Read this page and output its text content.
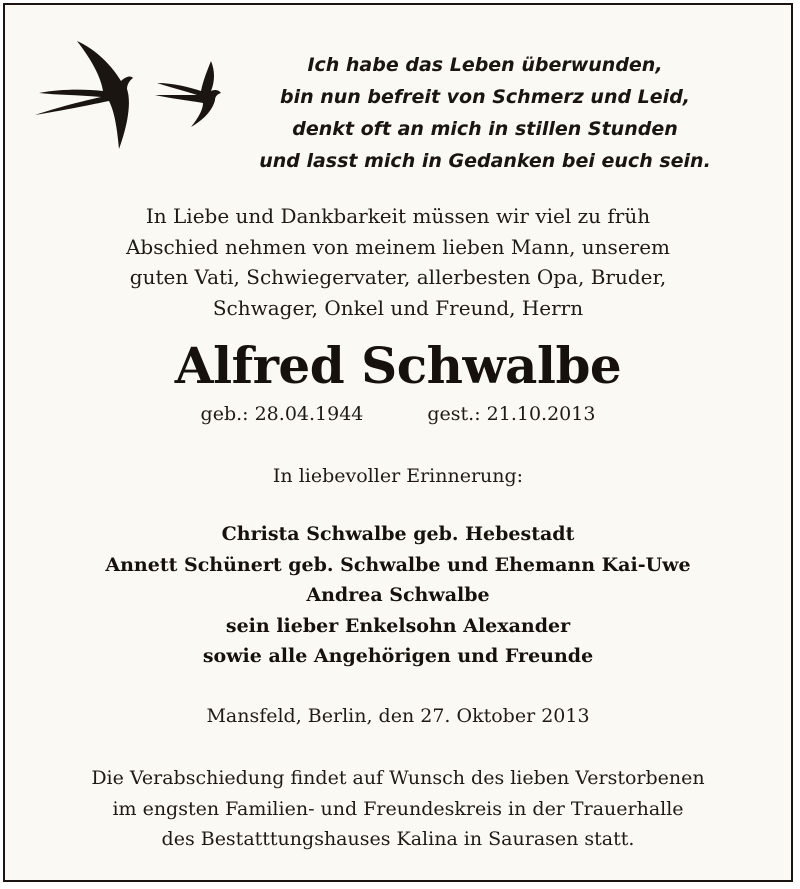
Ich habe das Leben überwunden,
bin nun befreit von Schmerz und Leid,
denkt oft an mich in stillen Stunden
und lasst mich in Gedanken bei euch sein.
In Liebe und Dankbarkeit müssen wir viel zu früh
Abschied nehmen von meinem lieben Mann, unserem
guten Vati, Schwiegervater, allerbesten Opa, Bruder,
Schwager, Onkel und Freund, Herrn
Alfred Schwalbe
geb.: 28.04.1944	gest.: 21.10.2013
In liebevoller Erinnerung:
Christa Schwalbe geb. Hebestadt
Annett Schünert geb. Schwalbe und Ehemann Kai-Uwe
Andrea Schwalbe
sein lieber Enkelsohn Alexander
sowie alle Angehörigen und Freunde
Mansfeld, Berlin, den 27. Oktober 2013
Die Verabschiedung findet auf Wunsch des lieben Verstorbenen
im engsten Familien- und Freundeskreis in der Trauerhalle
des Bestatttungshauses Kalina in Saurasen statt.
